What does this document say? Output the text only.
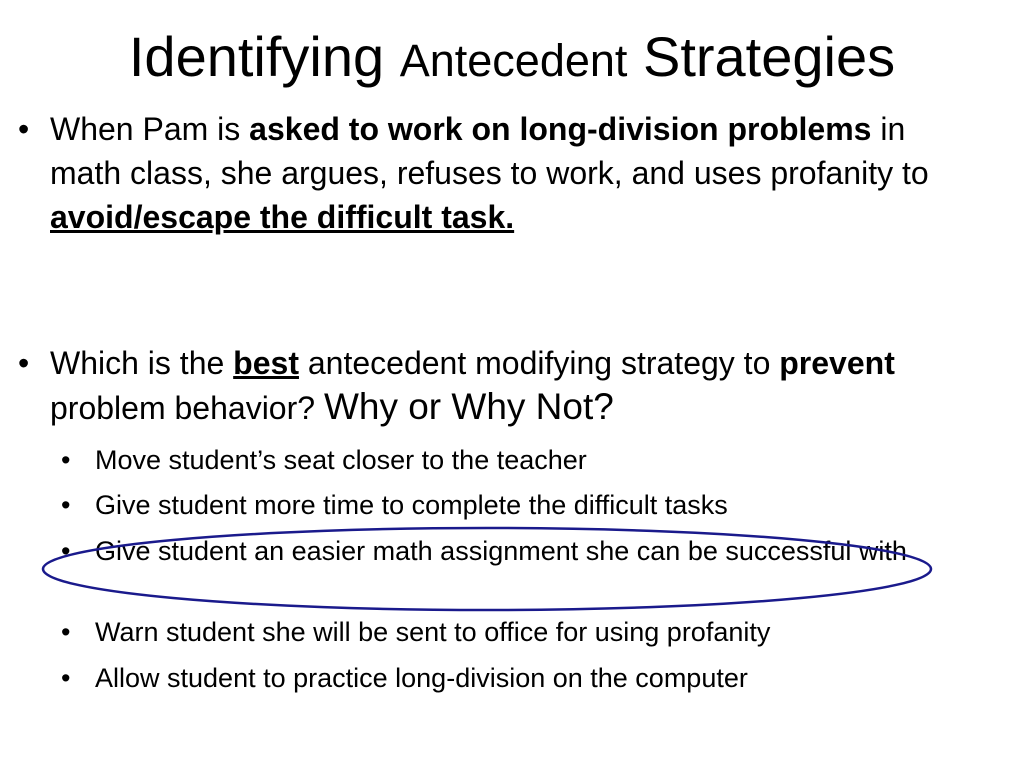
Identifying Antecedent Strategies
• When Pam is asked to work on long-division problems in math class, she argues, refuses to work, and uses profanity to avoid/escape the difficult task.
• Which is the best antecedent modifying strategy to prevent problem behavior? Why or Why Not?
• Move student’s seat closer to the teacher
• Give student more time to complete the difficult tasks
• Give student an easier math assignment she can be successful with
• Warn student she will be sent to office for using profanity
• Allow student to practice long-division on the computer
